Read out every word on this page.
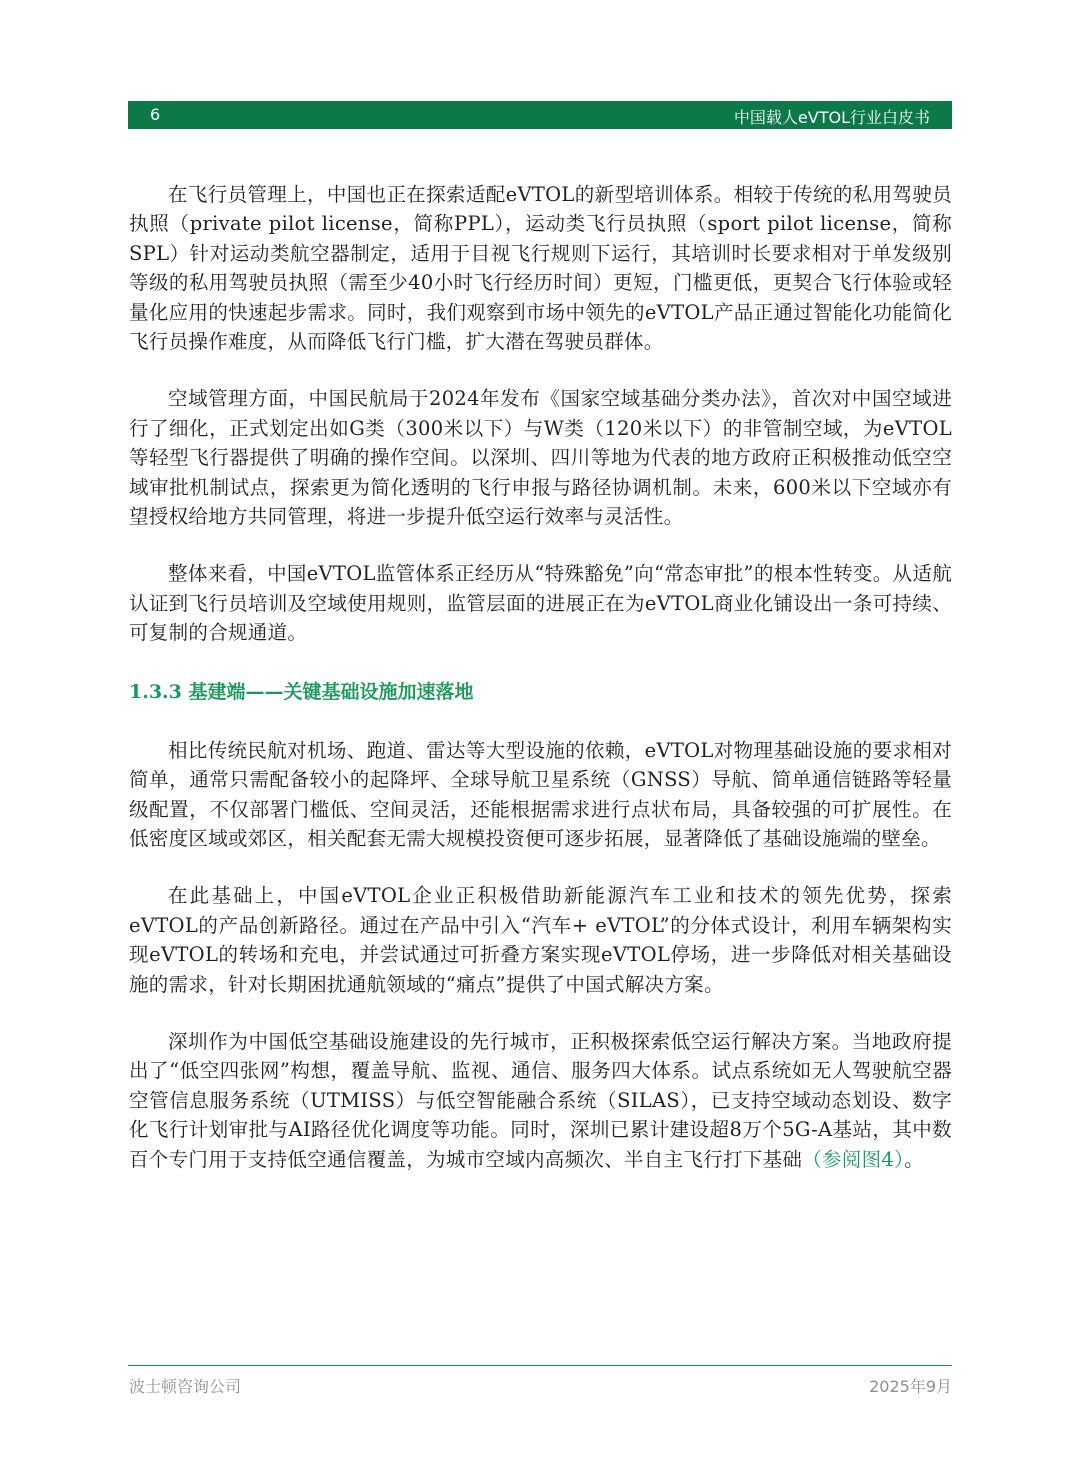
6	中国载人eVTOL行业白皮书

在飞行员管理上，中国也正在探索适配eVTOL的新型培训体系。相较于传统的私用驾驶员执照（private pilot license，简称PPL），运动类飞行员执照（sport pilot license，简称SPL）针对运动类航空器制定，适用于目视飞行规则下运行，其培训时长要求相对于单发级别等级的私用驾驶员执照（需至少40小时飞行经历时间）更短，门槛更低，更契合飞行体验或轻量化应用的快速起步需求。同时，我们观察到市场中领先的eVTOL产品正通过智能化功能简化飞行员操作难度，从而降低飞行门槛，扩大潜在驾驶员群体。

空域管理方面，中国民航局于2024年发布《国家空域基础分类办法》，首次对中国空域进行了细化，正式划定出如G类（300米以下）与W类（120米以下）的非管制空域，为eVTOL等轻型飞行器提供了明确的操作空间。以深圳、四川等地为代表的地方政府正积极推动低空空域审批机制试点，探索更为简化透明的飞行申报与路径协调机制。未来，600米以下空域亦有望授权给地方共同管理，将进一步提升低空运行效率与灵活性。

整体来看，中国eVTOL监管体系正经历从“特殊豁免”向“常态审批”的根本性转变。从适航认证到飞行员培训及空域使用规则，监管层面的进展正在为eVTOL商业化铺设出一条可持续、可复制的合规通道。

1.3.3 基建端——关键基础设施加速落地

相比传统民航对机场、跑道、雷达等大型设施的依赖，eVTOL对物理基础设施的要求相对简单，通常只需配备较小的起降坪、全球导航卫星系统（GNSS）导航、简单通信链路等轻量级配置，不仅部署门槛低、空间灵活，还能根据需求进行点状布局，具备较强的可扩展性。在低密度区域或郊区，相关配套无需大规模投资便可逐步拓展，显著降低了基础设施端的壁垒。

在此基础上，中国eVTOL企业正积极借助新能源汽车工业和技术的领先优势，探索eVTOL的产品创新路径。通过在产品中引入“汽车+ eVTOL”的分体式设计，利用车辆架构实现eVTOL的转场和充电，并尝试通过可折叠方案实现eVTOL停场，进一步降低对相关基础设施的需求，针对长期困扰通航领域的“痛点”提供了中国式解决方案。

深圳作为中国低空基础设施建设的先行城市，正积极探索低空运行解决方案。当地政府提出了“低空四张网”构想，覆盖导航、监视、通信、服务四大体系。试点系统如无人驾驶航空器空管信息服务系统（UTMISS）与低空智能融合系统（SILAS），已支持空域动态划设、数字化飞行计划审批与AI路径优化调度等功能。同时，深圳已累计建设超8万个5G-A基站，其中数百个专门用于支持低空通信覆盖，为城市空域内高频次、半自主飞行打下基础（参阅图4）。

波士顿咨询公司	2025年9月
